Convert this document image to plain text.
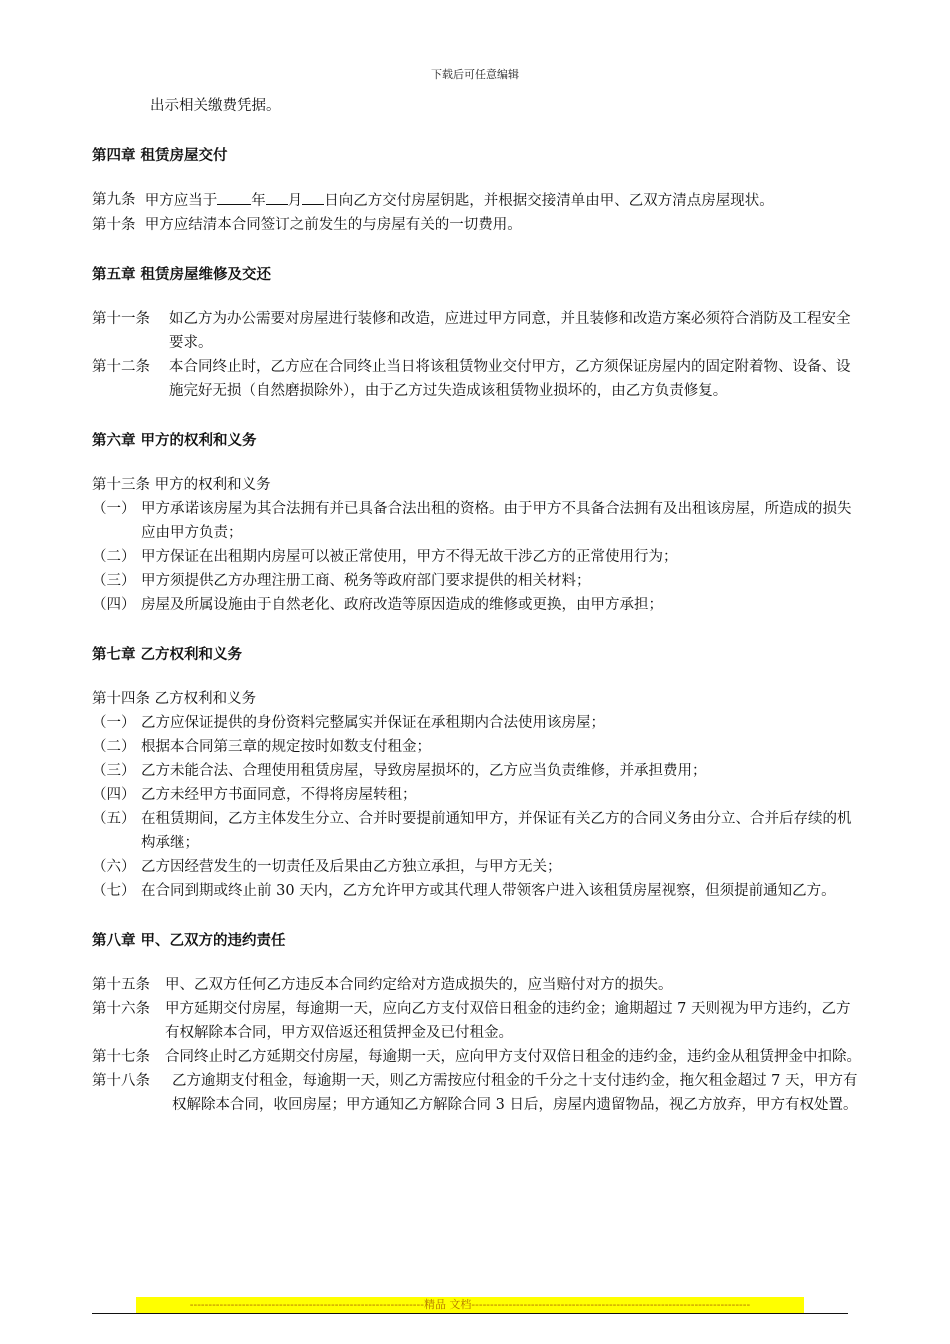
下载后可任意编辑
出示相关缴费凭据。
第四章 租赁房屋交付
第九条 甲方应当于 年 月 日向乙方交付房屋钥匙，并根据交接清单由甲、乙双方清点房屋现状。
第十条 甲方应结清本合同签订之前发生的与房屋有关的一切费用。
第五章 租赁房屋维修及交还
第十一条 如乙方为办公需要对房屋进行装修和改造，应进过甲方同意，并且装修和改造方案必须符合消防及工程安全要求。
第十二条 本合同终止时，乙方应在合同终止当日将该租赁物业交付甲方，乙方须保证房屋内的固定附着物、设备、设施完好无损（自然磨损除外），由于乙方过失造成该租赁物业损坏的，由乙方负责修复。
第六章 甲方的权利和义务
第十三条 甲方的权利和义务
（一） 甲方承诺该房屋为其合法拥有并已具备合法出租的资格。由于甲方不具备合法拥有及出租该房屋，所造成的损失应由甲方负责；
（二） 甲方保证在出租期内房屋可以被正常使用，甲方不得无故干涉乙方的正常使用行为；
（三） 甲方须提供乙方办理注册工商、税务等政府部门要求提供的相关材料；
（四） 房屋及所属设施由于自然老化、政府改造等原因造成的维修或更换，由甲方承担；
第七章 乙方权利和义务
第十四条 乙方权利和义务
（一） 乙方应保证提供的身份资料完整属实并保证在承租期内合法使用该房屋；
（二） 根据本合同第三章的规定按时如数支付租金；
（三） 乙方未能合法、合理使用租赁房屋，导致房屋损坏的，乙方应当负责维修，并承担费用；
（四） 乙方未经甲方书面同意，不得将房屋转租；
（五） 在租赁期间，乙方主体发生分立、合并时要提前通知甲方，并保证有关乙方的合同义务由分立、合并后存续的机构承继；
（六） 乙方因经营发生的一切责任及后果由乙方独立承担，与甲方无关；
（七） 在合同到期或终止前 30 天内，乙方允许甲方或其代理人带领客户进入该租赁房屋视察，但须提前通知乙方。
第八章 甲、乙双方的违约责任
第十五条 甲、乙双方任何乙方违反本合同约定给对方造成损失的，应当赔付对方的损失。
第十六条 甲方延期交付房屋，每逾期一天，应向乙方支付双倍日租金的违约金；逾期超过 7 天则视为甲方违约，乙方有权解除本合同，甲方双倍返还租赁押金及已付租金。
第十七条 合同终止时乙方延期交付房屋，每逾期一天，应向甲方支付双倍日租金的违约金，违约金从租赁押金中扣除。
第十八条 乙方逾期支付租金，每逾期一天，则乙方需按应付租金的千分之十支付违约金，拖欠租金超过 7 天，甲方有权解除本合同，收回房屋；甲方通知乙方解除合同 3 日后，房屋内遗留物品，视乙方放弃，甲方有权处置。
---------------------------------------------------------------精品 文档---------------------------------------------------------------------------
